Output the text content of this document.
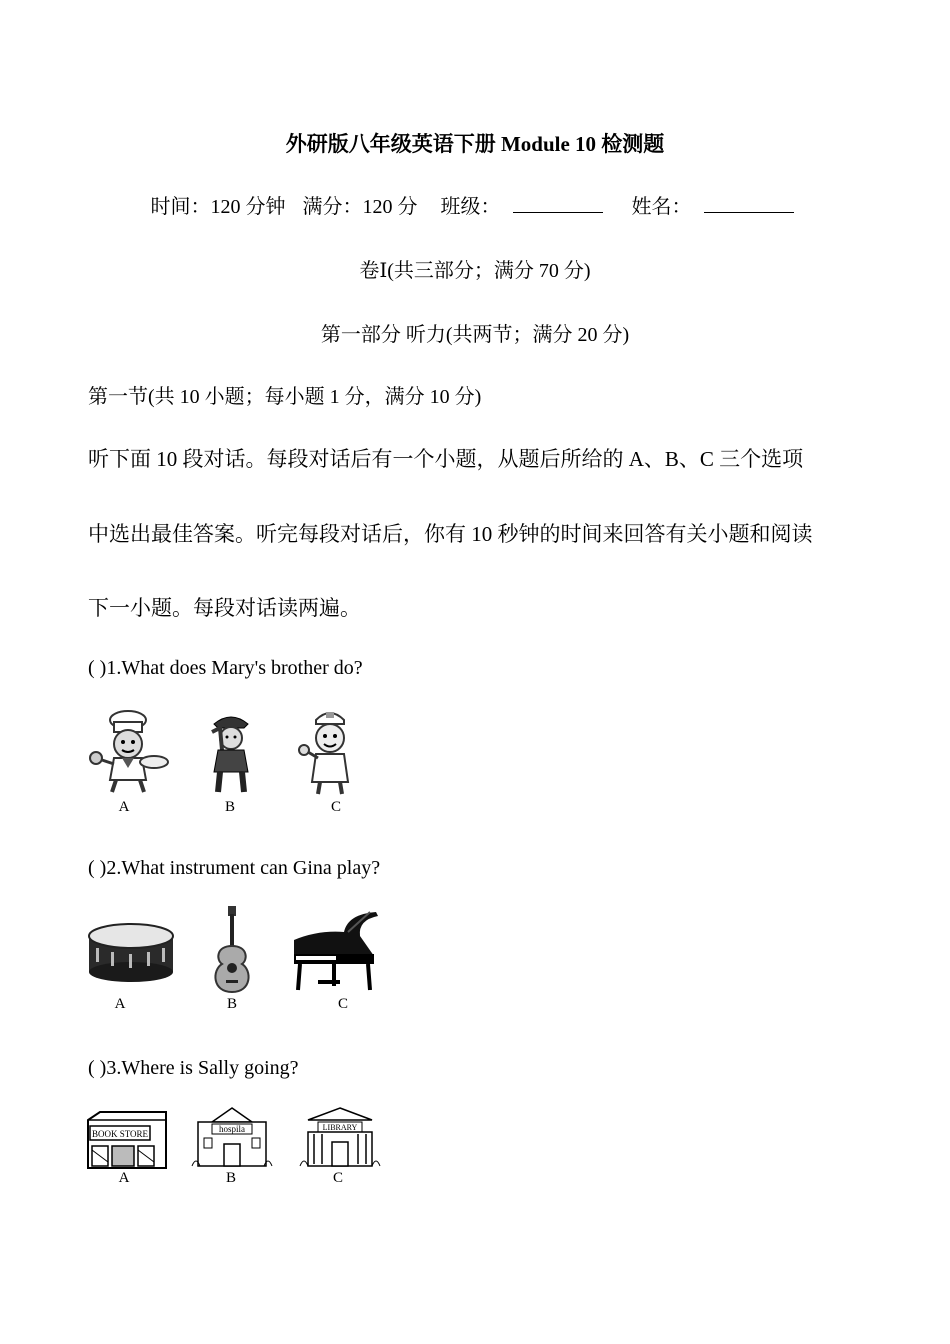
外研版八年级英语下册 Module 10 检测题
时间：120 分钟 满分：120 分 班级：	姓名：
卷Ⅰ(共三部分；满分 70 分)
第一部分 听力(共两节；满分 20 分)
第一节(共 10 小题；每小题 1 分，满分 10 分)
听下面 10 段对话。每段对话后有一个小题，从题后所给的 A、B、C 三个选项
中选出最佳答案。听完每段对话后，你有 10 秒钟的时间来回答有关小题和阅读
下一小题。每段对话读两遍。
( )1.What does Mary's brother do?
A	B	C
( )2.What instrument can Gina play?
A	B	C
( )3.Where is Sally going?
BOOK STORE	hospila	LIBRARY
A	B	C
